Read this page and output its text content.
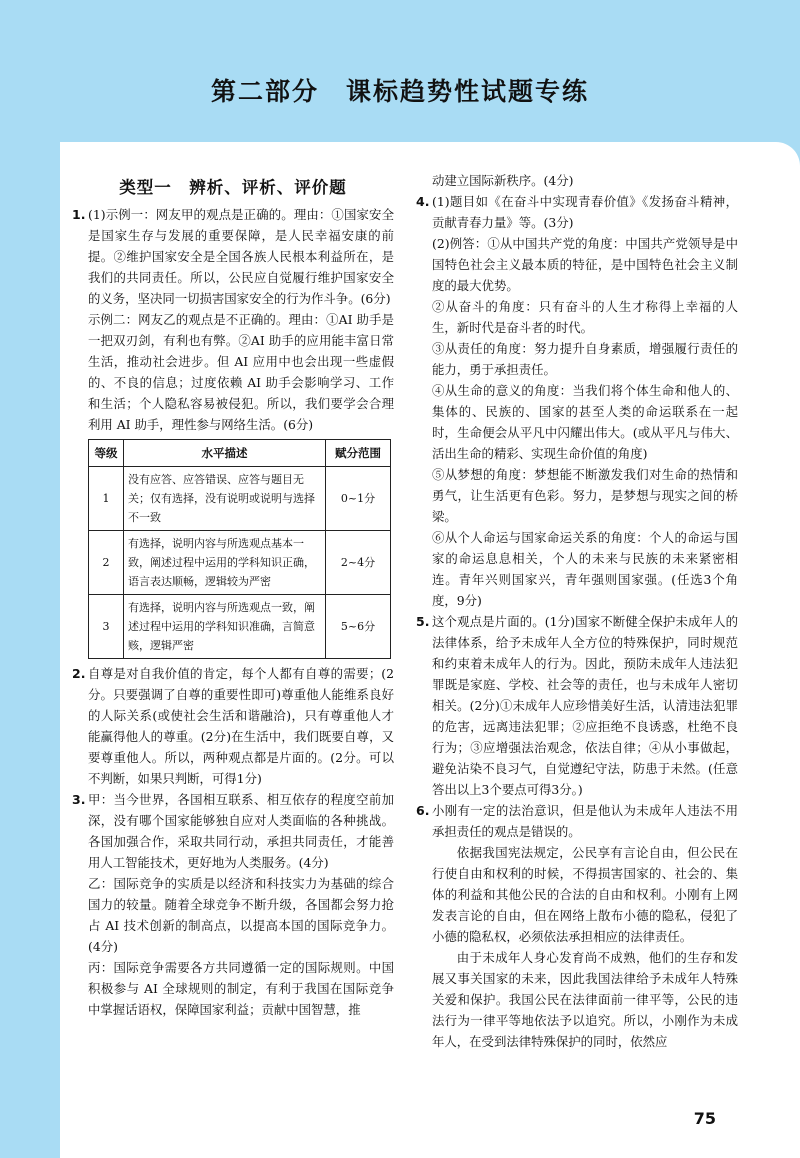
第二部分　课标趋势性试题专练
类型一　辨析、评析、评价题
1. (1)示例一：网友甲的观点是正确的。理由：①国家安全是国家生存与发展的重要保障，是人民幸福安康的前提。②维护国家安全是全国各族人民根本利益所在，是我们的共同责任。所以，公民应自觉履行维护国家安全的义务，坚决同一切损害国家安全的行为作斗争。(6分)

示例二：网友乙的观点是不正确的。理由：①AI 助手是一把双刃剑，有利也有弊。②AI 助手的应用能丰富日常生活，推动社会进步。但 AI 应用中也会出现一些虚假的、不良的信息；过度依赖 AI 助手会影响学习、工作和生活；个人隐私容易被侵犯。所以，我们要学会合理利用 AI 助手，理性参与网络生活。(6分)

等级	水平描述	赋分范围
1	没有应答、应答错误、应答与题目无关；仅有选择，没有说明或说明与选择不一致	0~1分
2	有选择，说明内容与所选观点基本一致，阐述过程中运用的学科知识正确，语言表达顺畅，逻辑较为严密	2~4分
3	有选择，说明内容与所选观点一致，阐述过程中运用的学科知识准确，言简意赅，逻辑严密	5~6分
2. 自尊是对自我价值的肯定，每个人都有自尊的需要；(2分。只要强调了自尊的重要性即可)尊重他人能维系良好的人际关系(或使社会生活和谐融洽)，只有尊重他人才能赢得他人的尊重。(2分)在生活中，我们既要自尊，又要尊重他人。所以，两种观点都是片面的。(2分。可以不判断，如果只判断，可得1分)

3. 甲：当今世界，各国相互联系、相互依存的程度空前加深，没有哪个国家能够独自应对人类面临的各种挑战。各国加强合作，采取共同行动，承担共同责任，才能善用人工智能技术，更好地为人类服务。(4分)

乙：国际竞争的实质是以经济和科技实力为基础的综合国力的较量。随着全球竞争不断升级，各国都会努力抢占 AI 技术创新的制高点，以提高本国的国际竞争力。(4分)

丙：国际竞争需要各方共同遵循一定的国际规则。中国积极参与 AI 全球规则的制定，有利于我国在国际竞争中掌握话语权，保障国家利益；贡献中国智慧，推

动建立国际新秩序。(4分)

4. (1)题目如《在奋斗中实现青春价值》《发扬奋斗精神，贡献青春力量》等。(3分)

(2)例答：①从中国共产党的角度：中国共产党领导是中国特色社会主义最本质的特征，是中国特色社会主义制度的最大优势。

②从奋斗的角度：只有奋斗的人生才称得上幸福的人生，新时代是奋斗者的时代。

③从责任的角度：努力提升自身素质，增强履行责任的能力，勇于承担责任。

④从生命的意义的角度：当我们将个体生命和他人的、集体的、民族的、国家的甚至人类的命运联系在一起时，生命便会从平凡中闪耀出伟大。(或从平凡与伟大、活出生命的精彩、实现生命价值的角度)

⑤从梦想的角度：梦想能不断激发我们对生命的热情和勇气，让生活更有色彩。努力，是梦想与现实之间的桥梁。

⑥从个人命运与国家命运关系的角度：个人的命运与国家的命运息息相关，个人的未来与民族的未来紧密相连。青年兴则国家兴，青年强则国家强。(任选3个角度，9分)

5. 这个观点是片面的。(1分)国家不断健全保护未成年人的法律体系，给予未成年人全方位的特殊保护，同时规范和约束着未成年人的行为。因此，预防未成年人违法犯罪既是家庭、学校、社会等的责任，也与未成年人密切相关。(2分)①未成年人应珍惜美好生活，认清违法犯罪的危害，远离违法犯罪；②应拒绝不良诱惑，杜绝不良行为；③应增强法治观念，依法自律；④从小事做起，避免沾染不良习气，自觉遵纪守法，防患于未然。(任意答出以上3个要点可得3分。)

6. 小刚有一定的法治意识，但是他认为未成年人违法不用承担责任的观点是错误的。

依据我国宪法规定，公民享有言论自由，但公民在行使自由和权利的时候，不得损害国家的、社会的、集体的利益和其他公民的合法的自由和权利。小刚有上网发表言论的自由，但在网络上散布小德的隐私，侵犯了小德的隐私权，必须依法承担相应的法律责任。

由于未成年人身心发育尚不成熟，他们的生存和发展又事关国家的未来，因此我国法律给予未成年人特殊关爱和保护。我国公民在法律面前一律平等，公民的违法行为一律平等地依法予以追究。所以，小刚作为未成年人，在受到法律特殊保护的同时，依然应

75
